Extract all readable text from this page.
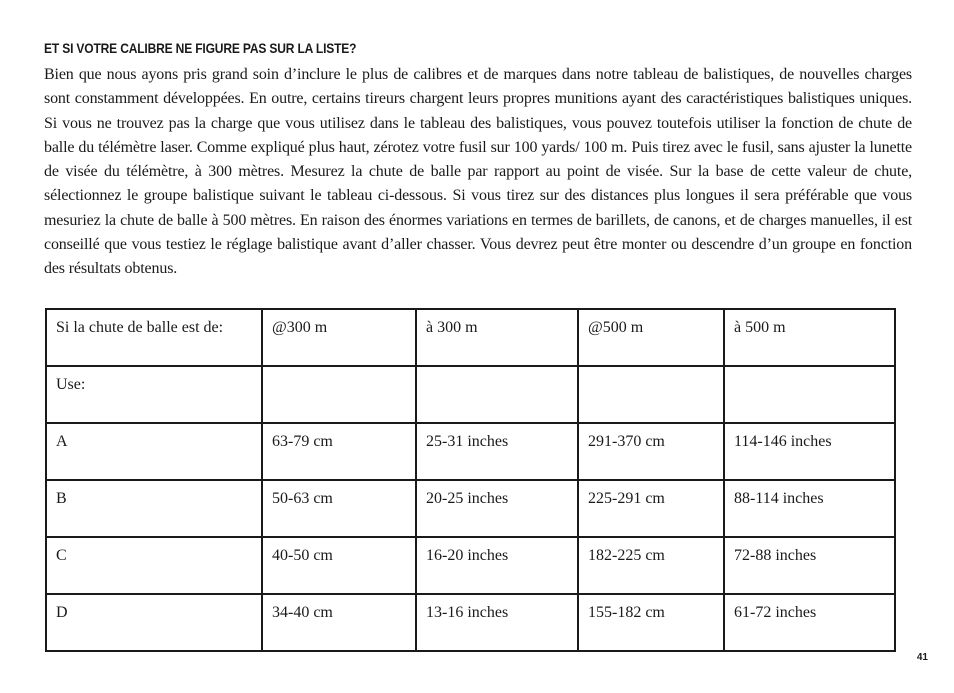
ET SI VOTRE CALIBRE NE FIGURE PAS SUR LA LISTE?

Bien que nous ayons pris grand soin d’inclure le plus de calibres et de marques dans notre tableau de balistiques, de nouvelles charges sont constamment développées. En outre, certains tireurs chargent leurs propres munitions ayant des caractéristiques balistiques uniques. Si vous ne trouvez pas la charge que vous utilisez dans le tableau des balistiques, vous pouvez toutefois utiliser la fonction de chute de balle du télémètre laser. Comme expliqué plus haut, zérotez votre fusil sur 100 yards/ 100 m. Puis tirez avec le fusil, sans ajuster la lunette de visée du télémètre, à 300 mètres. Mesurez la chute de balle par rapport au point de visée. Sur la base de cette valeur de chute, sélectionnez le groupe balistique suivant le tableau ci-dessous. Si vous tirez sur des distances plus longues il sera préférable que vous mesuriez la chute de balle à 500 mètres. En raison des énormes variations en termes de barillets, de canons, et de charges manuelles, il est conseillé que vous testiez le réglage balistique avant d’aller chasser. Vous devrez peut être monter ou descendre d’un groupe en fonction des résultats obtenus.

Si la chute de balle est de:	@300 m	à 300 m	@500 m	à 500 m
Use:				
A	63-79 cm	25-31 inches	291-370 cm	114-146 inches
B	50-63 cm	20-25 inches	225-291 cm	88-114 inches
C	40-50 cm	16-20 inches	182-225 cm	72-88 inches
D	34-40 cm	13-16 inches	155-182 cm	61-72 inches
41
